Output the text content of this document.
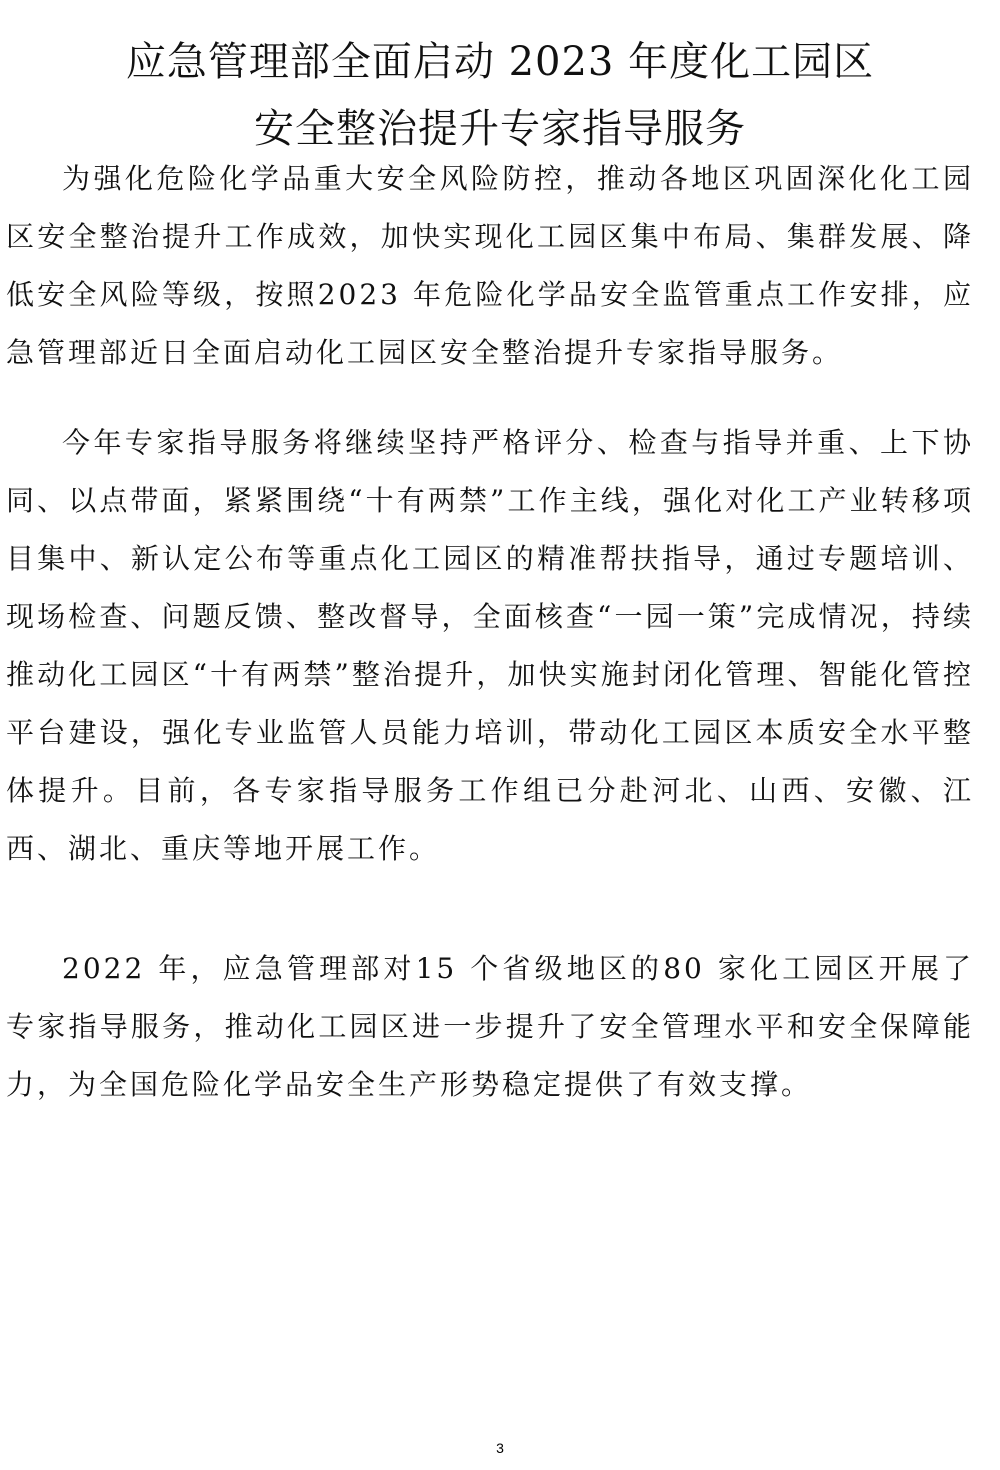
应急管理部全面启动 2023 年度化工园区
安全整治提升专家指导服务

为强化危险化学品重大安全风险防控，推动各地区巩固深化化工园区安全整治提升工作成效，加快实现化工园区集中布局、集群发展、降低安全风险等级，按照2023 年危险化学品安全监管重点工作安排，应急管理部近日全面启动化工园区安全整治提升专家指导服务。

今年专家指导服务将继续坚持严格评分、检查与指导并重、上下协同、以点带面，紧紧围绕“十有两禁”工作主线，强化对化工产业转移项目集中、新认定公布等重点化工园区的精准帮扶指导，通过专题培训、现场检查、问题反馈、整改督导，全面核查“一园一策”完成情况，持续推动化工园区“十有两禁”整治提升，加快实施封闭化管理、智能化管控平台建设，强化专业监管人员能力培训，带动化工园区本质安全水平整体提升。目前，各专家指导服务工作组已分赴河北、山西、安徽、江西、湖北、重庆等地开展工作。

2022 年，应急管理部对15 个省级地区的80 家化工园区开展了专家指导服务，推动化工园区进一步提升了安全管理水平和安全保障能力，为全国危险化学品安全生产形势稳定提供了有效支撑。

3
